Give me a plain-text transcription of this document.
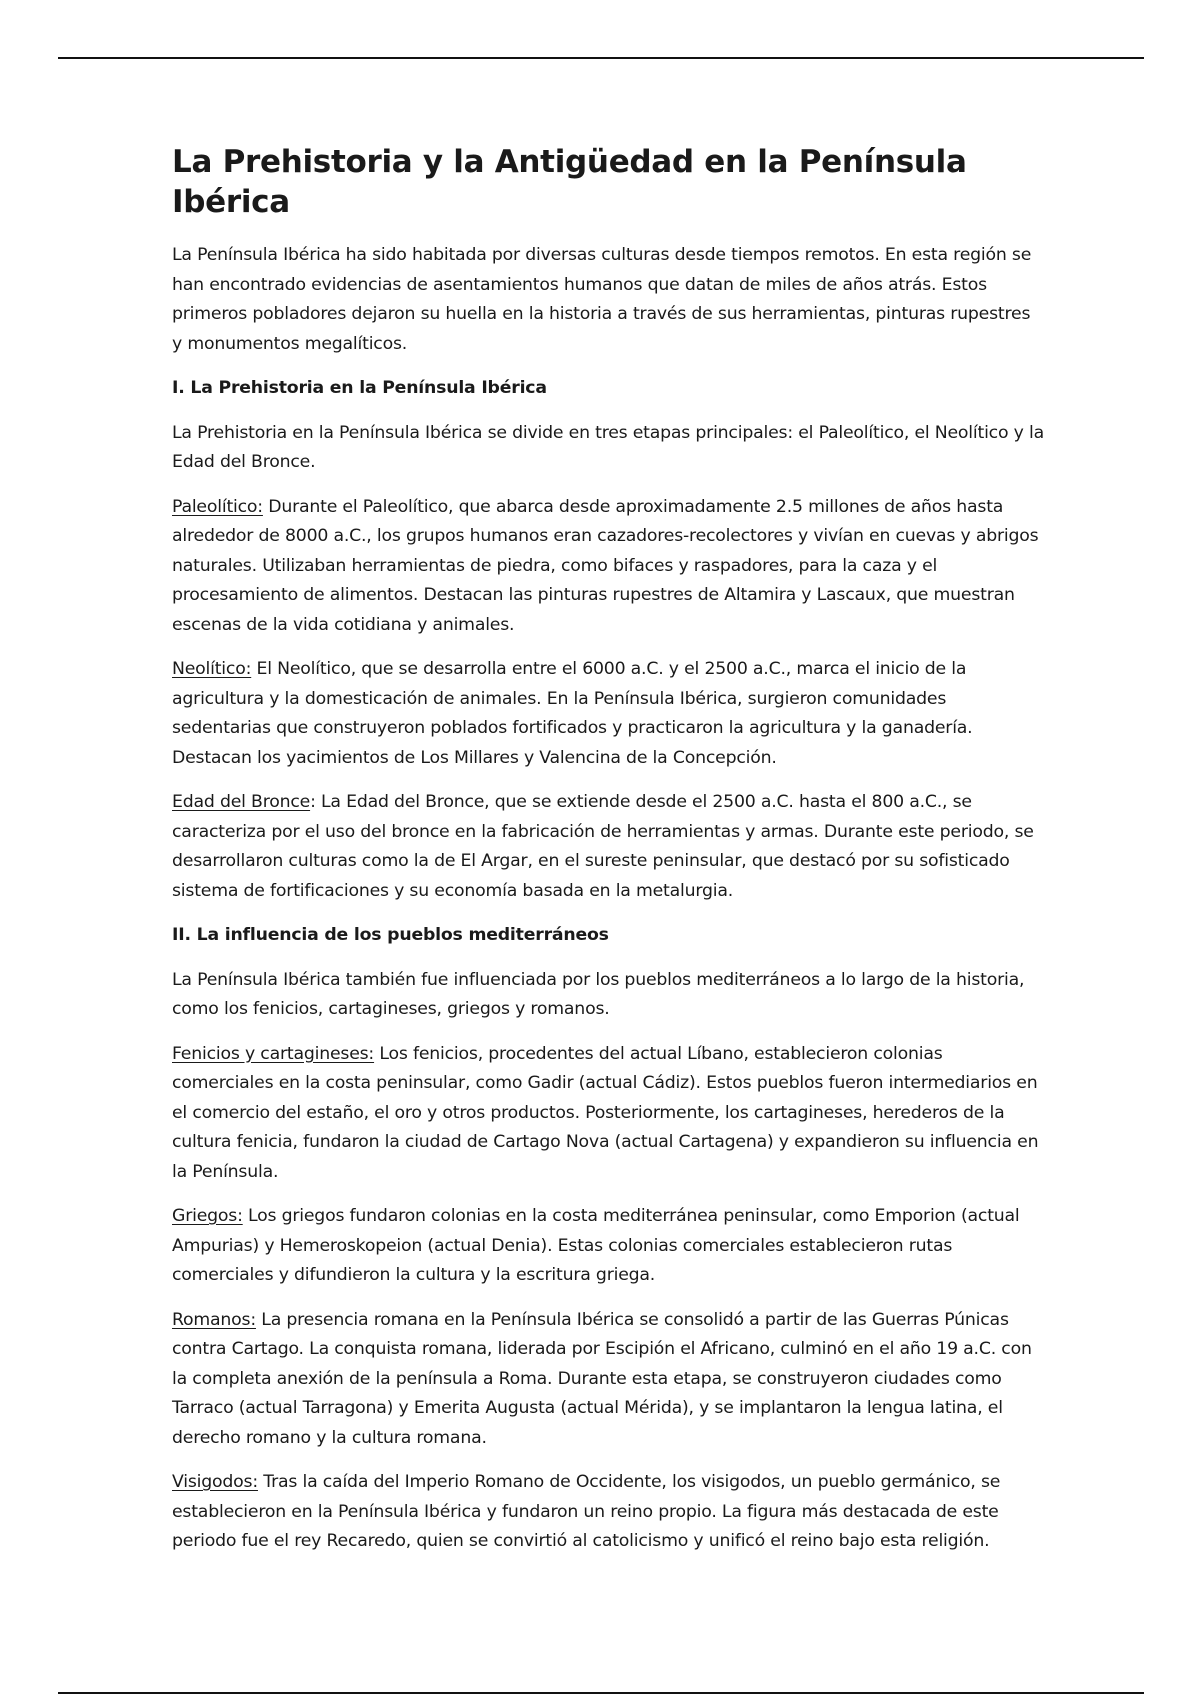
La Prehistoria y la Antigüedad en la Península Ibérica

La Península Ibérica ha sido habitada por diversas culturas desde tiempos remotos. En esta región se han encontrado evidencias de asentamientos humanos que datan de miles de años atrás. Estos primeros pobladores dejaron su huella en la historia a través de sus herramientas, pinturas rupestres y monumentos megalíticos.

I. La Prehistoria en la Península Ibérica

La Prehistoria en la Península Ibérica se divide en tres etapas principales: el Paleolítico, el Neolítico y la Edad del Bronce.

Paleolítico: Durante el Paleolítico, que abarca desde aproximadamente 2.5 millones de años hasta alrededor de 8000 a.C., los grupos humanos eran cazadores-recolectores y vivían en cuevas y abrigos naturales. Utilizaban herramientas de piedra, como bifaces y raspadores, para la caza y el procesamiento de alimentos. Destacan las pinturas rupestres de Altamira y Lascaux, que muestran escenas de la vida cotidiana y animales.

Neolítico: El Neolítico, que se desarrolla entre el 6000 a.C. y el 2500 a.C., marca el inicio de la agricultura y la domesticación de animales. En la Península Ibérica, surgieron comunidades sedentarias que construyeron poblados fortificados y practicaron la agricultura y la ganadería. Destacan los yacimientos de Los Millares y Valencina de la Concepción.

Edad del Bronce: La Edad del Bronce, que se extiende desde el 2500 a.C. hasta el 800 a.C., se caracteriza por el uso del bronce en la fabricación de herramientas y armas. Durante este periodo, se desarrollaron culturas como la de El Argar, en el sureste peninsular, que destacó por su sofisticado sistema de fortificaciones y su economía basada en la metalurgia.

II. La influencia de los pueblos mediterráneos

La Península Ibérica también fue influenciada por los pueblos mediterráneos a lo largo de la historia, como los fenicios, cartagineses, griegos y romanos.

Fenicios y cartagineses: Los fenicios, procedentes del actual Líbano, establecieron colonias comerciales en la costa peninsular, como Gadir (actual Cádiz). Estos pueblos fueron intermediarios en el comercio del estaño, el oro y otros productos. Posteriormente, los cartagineses, herederos de la cultura fenicia, fundaron la ciudad de Cartago Nova (actual Cartagena) y expandieron su influencia en la Península.

Griegos: Los griegos fundaron colonias en la costa mediterránea peninsular, como Emporion (actual Ampurias) y Hemeroskopeion (actual Denia). Estas colonias comerciales establecieron rutas comerciales y difundieron la cultura y la escritura griega.

Romanos: La presencia romana en la Península Ibérica se consolidó a partir de las Guerras Púnicas contra Cartago. La conquista romana, liderada por Escipión el Africano, culminó en el año 19 a.C. con la completa anexión de la península a Roma. Durante esta etapa, se construyeron ciudades como Tarraco (actual Tarragona) y Emerita Augusta (actual Mérida), y se implantaron la lengua latina, el derecho romano y la cultura romana.

Visigodos: Tras la caída del Imperio Romano de Occidente, los visigodos, un pueblo germánico, se establecieron en la Península Ibérica y fundaron un reino propio. La figura más destacada de este periodo fue el rey Recaredo, quien se convirtió al catolicismo y unificó el reino bajo esta religión.
